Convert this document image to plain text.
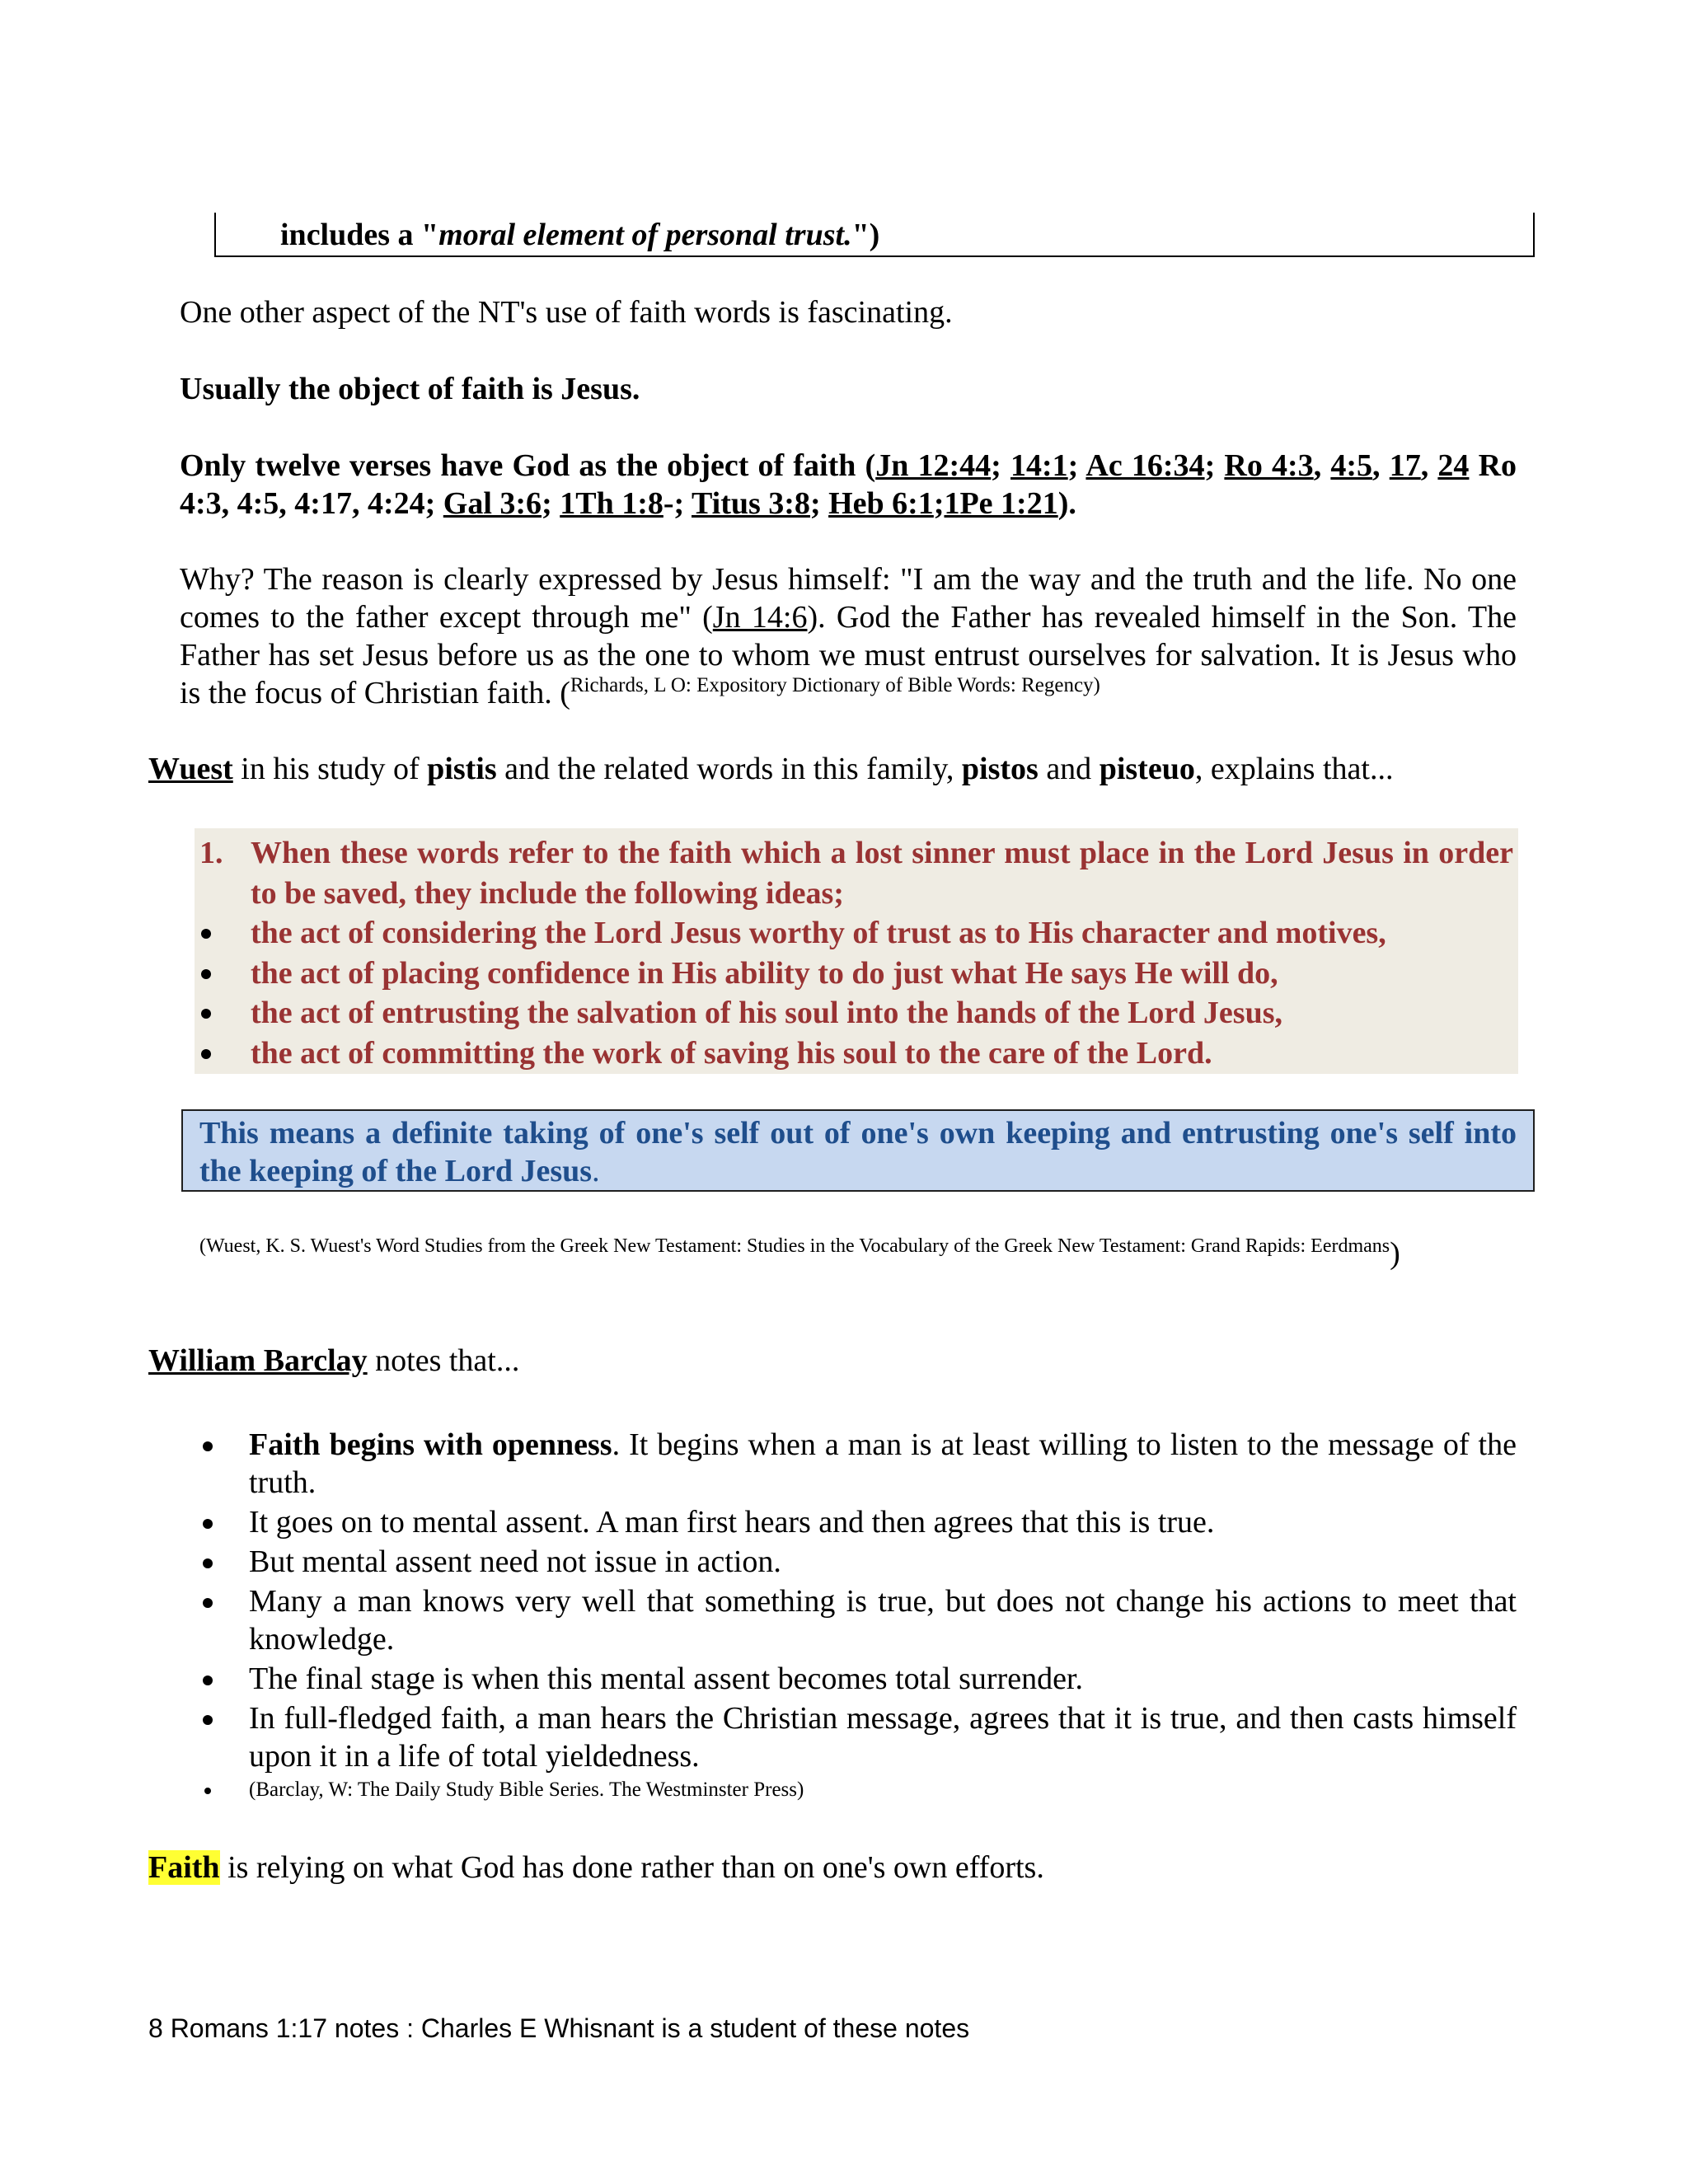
includes a "moral element of personal trust.")
One other aspect of the NT's use of faith words is fascinating.
Usually the object of faith is Jesus.
Only twelve verses have God as the object of faith (Jn 12:44; 14:1; Ac 16:34; Ro 4:3, 4:5, 17, 24 Ro 4:3, 4:5, 4:17, 4:24; Gal 3:6; 1Th 1:8-; Titus 3:8; Heb 6:1;1Pe 1:21).
Why? The reason is clearly expressed by Jesus himself: "I am the way and the truth and the life. No one comes to the father except through me" (Jn 14:6). God the Father has revealed himself in the Son. The Father has set Jesus before us as the one to whom we must entrust ourselves for salvation. It is Jesus who is the focus of Christian faith. ($^{Richards, L O: Expository Dictionary of Bible Words: Regency)}$
Wuest in his study of pistis and the related words in this family, pistos and pisteuo, explains that...
1. When these words refer to the faith which a lost sinner must place in the Lord Jesus in order to be saved, they include the following ideas;
the act of considering the Lord Jesus worthy of trust as to His character and motives,
the act of placing confidence in His ability to do just what He says He will do,
the act of entrusting the salvation of his soul into the hands of the Lord Jesus,
the act of committing the work of saving his soul to the care of the Lord.
This means a definite taking of one's self out of one's own keeping and entrusting one's self into the keeping of the Lord Jesus.
(Wuest, K. S. Wuest's Word Studies from the Greek New Testament: Studies in the Vocabulary of the Greek New Testament: Grand Rapids: Eerdmans)
William Barclay notes that...
Faith begins with openness. It begins when a man is at least willing to listen to the message of the truth.
It goes on to mental assent. A man first hears and then agrees that this is true.
But mental assent need not issue in action.
Many a man knows very well that something is true, but does not change his actions to meet that knowledge.
The final stage is when this mental assent becomes total surrender.
In full-fledged faith, a man hears the Christian message, agrees that it is true, and then casts himself upon it in a life of total yieldedness.
(Barclay, W: The Daily Study Bible Series. The Westminster Press)
Faith is relying on what God has done rather than on one's own efforts.
8 Romans 1:17 notes : Charles E Whisnant is a student of these notes
